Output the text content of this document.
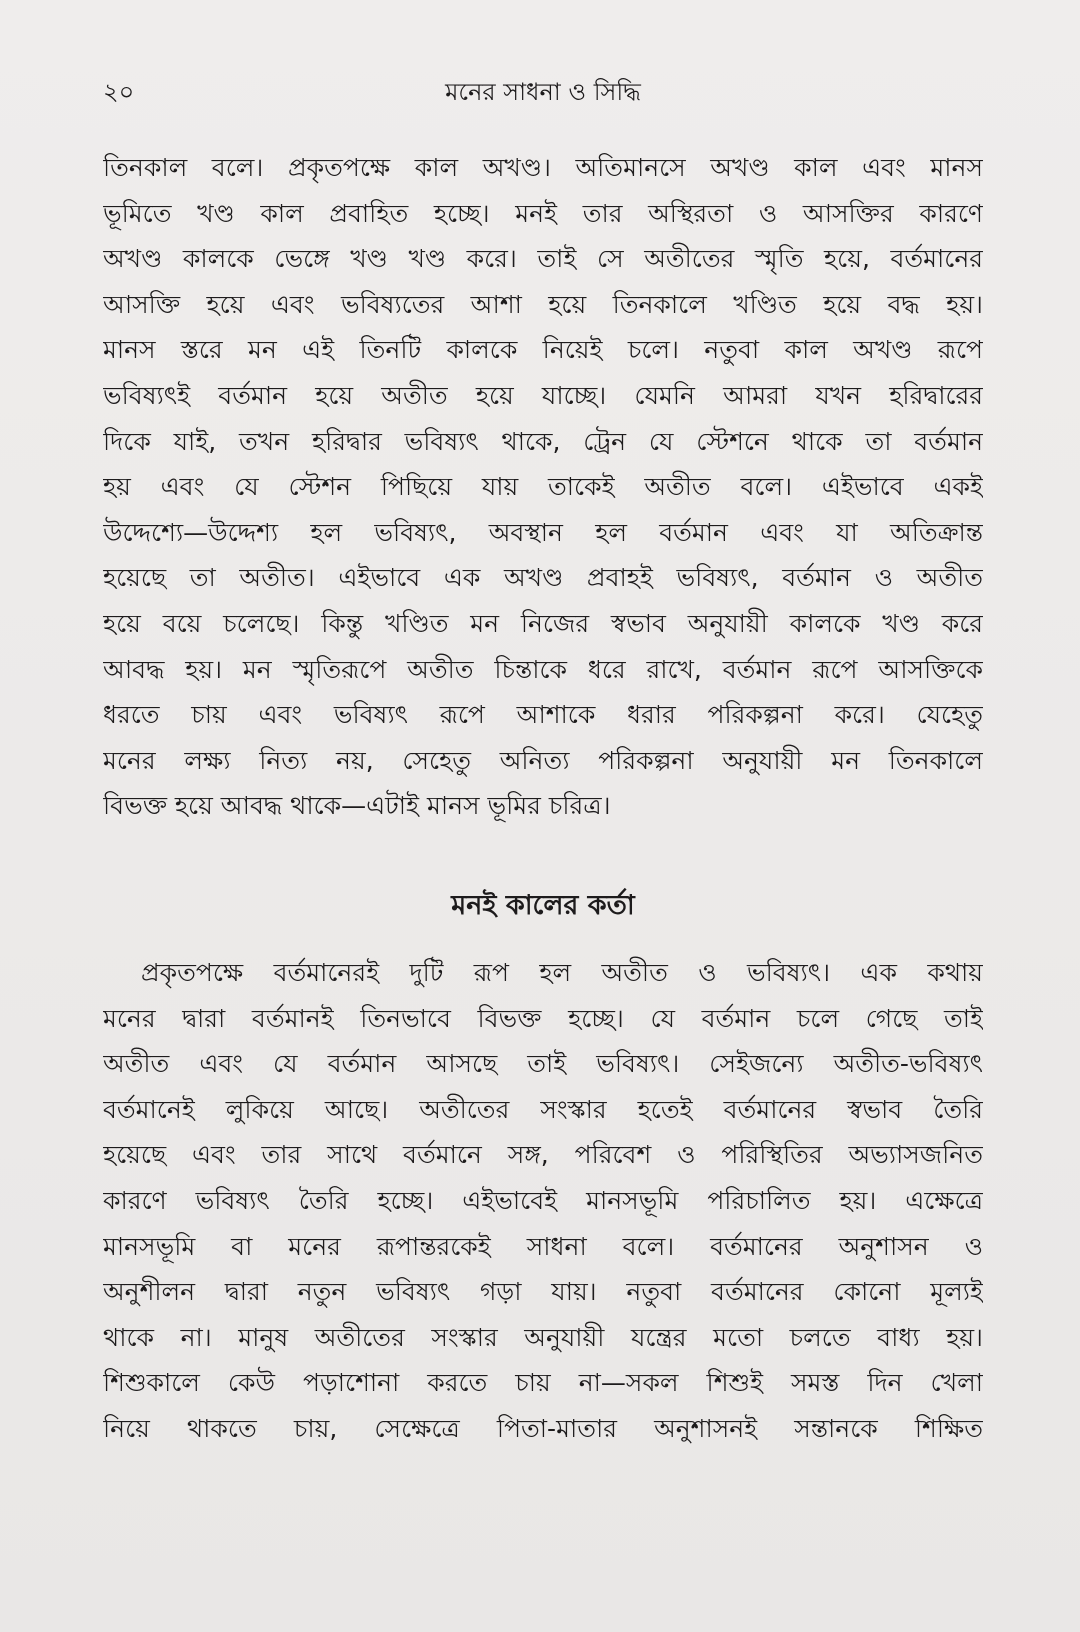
২০	মনের সাধনা ও সিদ্ধি

তিনকাল বলে। প্রকৃতপক্ষে কাল অখণ্ড। অতিমানসে অখণ্ড কাল এবং মানস
ভূমিতে খণ্ড কাল প্রবাহিত হচ্ছে। মনই তার অস্থিরতা ও আসক্তির কারণে
অখণ্ড কালকে ভেঙ্গে খণ্ড খণ্ড করে। তাই সে অতীতের স্মৃতি হয়ে, বর্তমানের
আসক্তি হয়ে এবং ভবিষ্যতের আশা হয়ে তিনকালে খণ্ডিত হয়ে বদ্ধ হয়।
মানস স্তরে মন এই তিনটি কালকে নিয়েই চলে। নতুবা কাল অখণ্ড রূপে
ভবিষ্যৎই বর্তমান হয়ে অতীত হয়ে যাচ্ছে। যেমনি আমরা যখন হরিদ্বারের
দিকে যাই, তখন হরিদ্বার ভবিষ্যৎ থাকে, ট্রেন যে স্টেশনে থাকে তা বর্তমান
হয় এবং যে স্টেশন পিছিয়ে যায় তাকেই অতীত বলে। এইভাবে একই
উদ্দেশ্যে—উদ্দেশ্য হল ভবিষ্যৎ, অবস্থান হল বর্তমান এবং যা অতিক্রান্ত
হয়েছে তা অতীত। এইভাবে এক অখণ্ড প্রবাহই ভবিষ্যৎ, বর্তমান ও অতীত
হয়ে বয়ে চলেছে। কিন্তু খণ্ডিত মন নিজের স্বভাব অনুযায়ী কালকে খণ্ড করে
আবদ্ধ হয়। মন স্মৃতিরূপে অতীত চিন্তাকে ধরে রাখে, বর্তমান রূপে আসক্তিকে
ধরতে চায় এবং ভবিষ্যৎ রূপে আশাকে ধরার পরিকল্পনা করে। যেহেতু
মনের লক্ষ্য নিত্য নয়, সেহেতু অনিত্য পরিকল্পনা অনুযায়ী মন তিনকালে
বিভক্ত হয়ে আবদ্ধ থাকে—এটাই মানস ভূমির চরিত্র।

মনই কালের কর্তা

প্রকৃতপক্ষে বর্তমানেরই দুটি রূপ হল অতীত ও ভবিষ্যৎ। এক কথায়
মনের দ্বারা বর্তমানই তিনভাবে বিভক্ত হচ্ছে। যে বর্তমান চলে গেছে তাই
অতীত এবং যে বর্তমান আসছে তাই ভবিষ্যৎ। সেইজন্যে অতীত-ভবিষ্যৎ
বর্তমানেই লুকিয়ে আছে। অতীতের সংস্কার হতেই বর্তমানের স্বভাব তৈরি
হয়েছে এবং তার সাথে বর্তমানে সঙ্গ, পরিবেশ ও পরিস্থিতির অভ্যাসজনিত
কারণে ভবিষ্যৎ তৈরি হচ্ছে। এইভাবেই মানসভূমি পরিচালিত হয়। এক্ষেত্রে
মানসভূমি বা মনের রূপান্তরকেই সাধনা বলে। বর্তমানের অনুশাসন ও
অনুশীলন দ্বারা নতুন ভবিষ্যৎ গড়া যায়। নতুবা বর্তমানের কোনো মূল্যই
থাকে না। মানুষ অতীতের সংস্কার অনুযায়ী যন্ত্রের মতো চলতে বাধ্য হয়।
শিশুকালে কেউ পড়াশোনা করতে চায় না—সকল শিশুই সমস্ত দিন খেলা
নিয়ে থাকতে চায়, সেক্ষেত্রে পিতা-মাতার অনুশাসনই সন্তানকে শিক্ষিত
